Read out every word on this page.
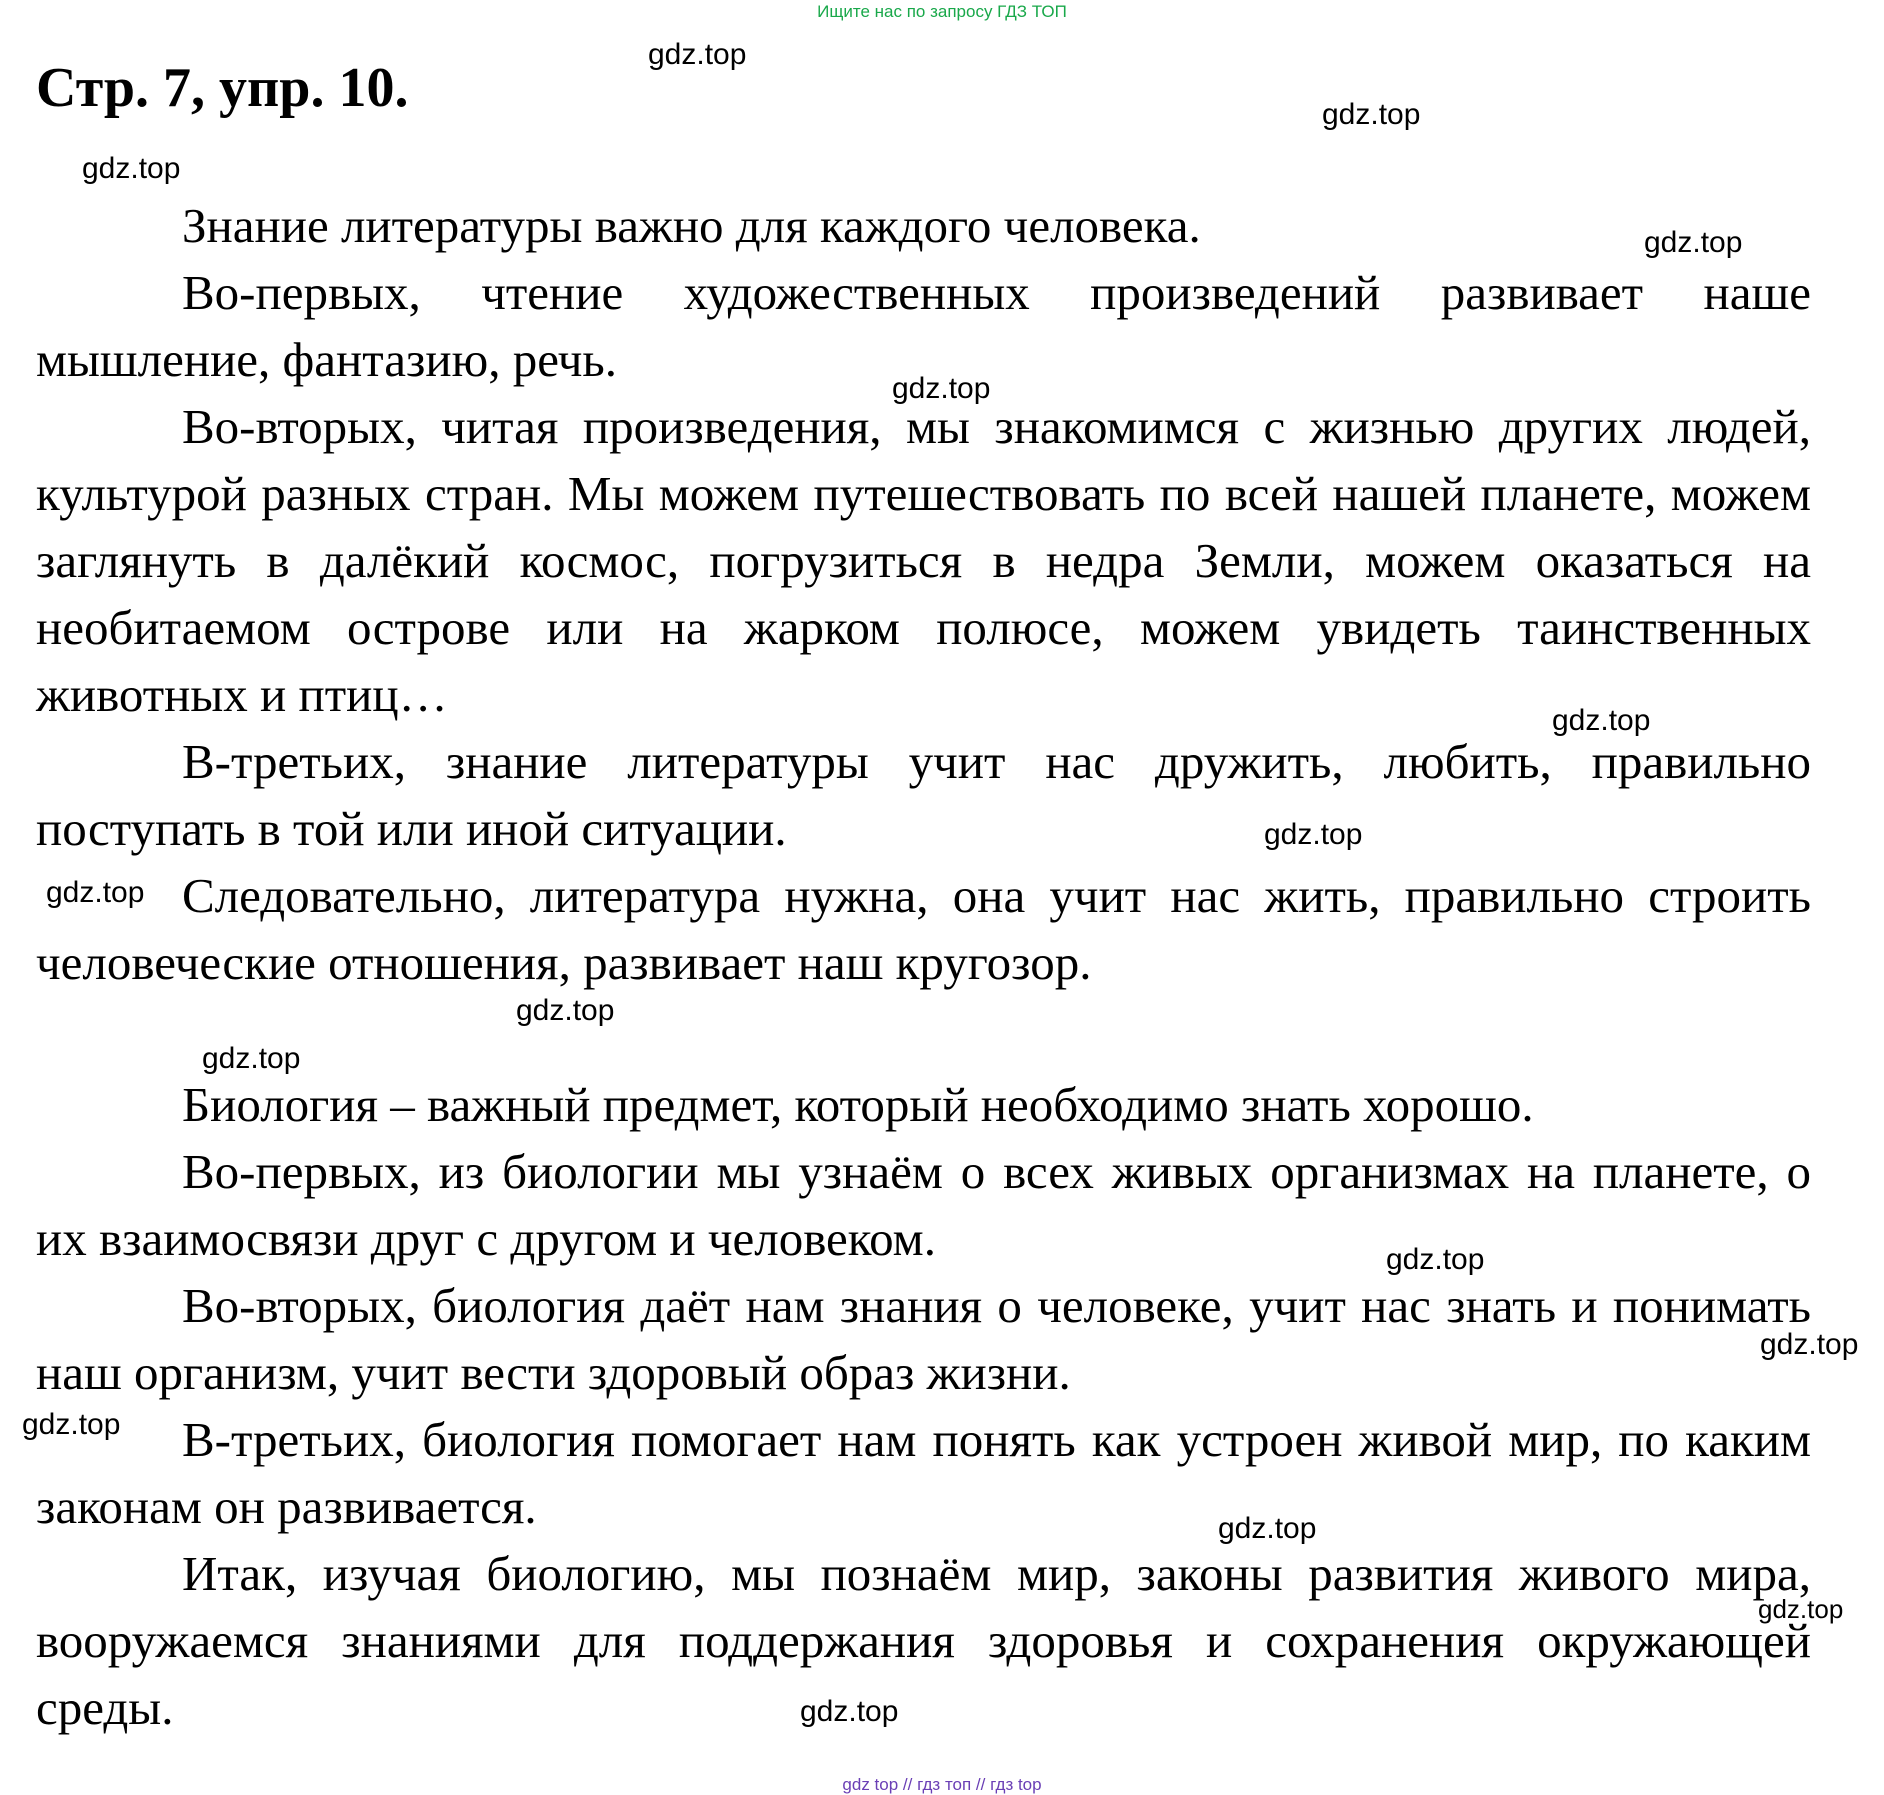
Ищите нас по запросу ГДЗ ТОП
Стр. 7, упр. 10.

Знание литературы важно для каждого человека.

Во-первых, чтение художественных произведений развивает наше мышление, фантазию, речь.

Во-вторых, читая произведения, мы знакомимся с жизнью других людей, культурой разных стран. Мы можем путешествовать по всей нашей планете, можем заглянуть в далёкий космос, погрузиться в недра Земли, можем оказаться на необитаемом острове или на жарком полюсе, можем увидеть таинственных животных и птиц…

В-третьих, знание литературы учит нас дружить, любить, правильно поступать в той или иной ситуации.

Следовательно, литература нужна, она учит нас жить, правильно строить человеческие отношения, развивает наш кругозор.

Биология – важный предмет, который необходимо знать хорошо.

Во-первых, из биологии мы узнаём о всех живых организмах на планете, о их взаимосвязи друг с другом и человеком.

Во-вторых, биология даёт нам знания о человеке, учит нас знать и понимать наш организм, учит вести здоровый образ жизни.

В-третьих, биология помогает нам понять как устроен живой мир, по каким законам он развивается.

Итак, изучая биологию, мы познаём мир, законы развития живого мира, вооружаемся знаниями для поддержания здоровья и сохранения окружающей среды.

gdz.top
gdz.top
gdz.top
gdz.top
gdz.top
gdz.top
gdz.top
gdz.top
gdz.top
gdz.top
gdz.top
gdz.top
gdz.top
gdz.top
gdz.top
gdz.top
gdz top // гдз топ // гдз top
